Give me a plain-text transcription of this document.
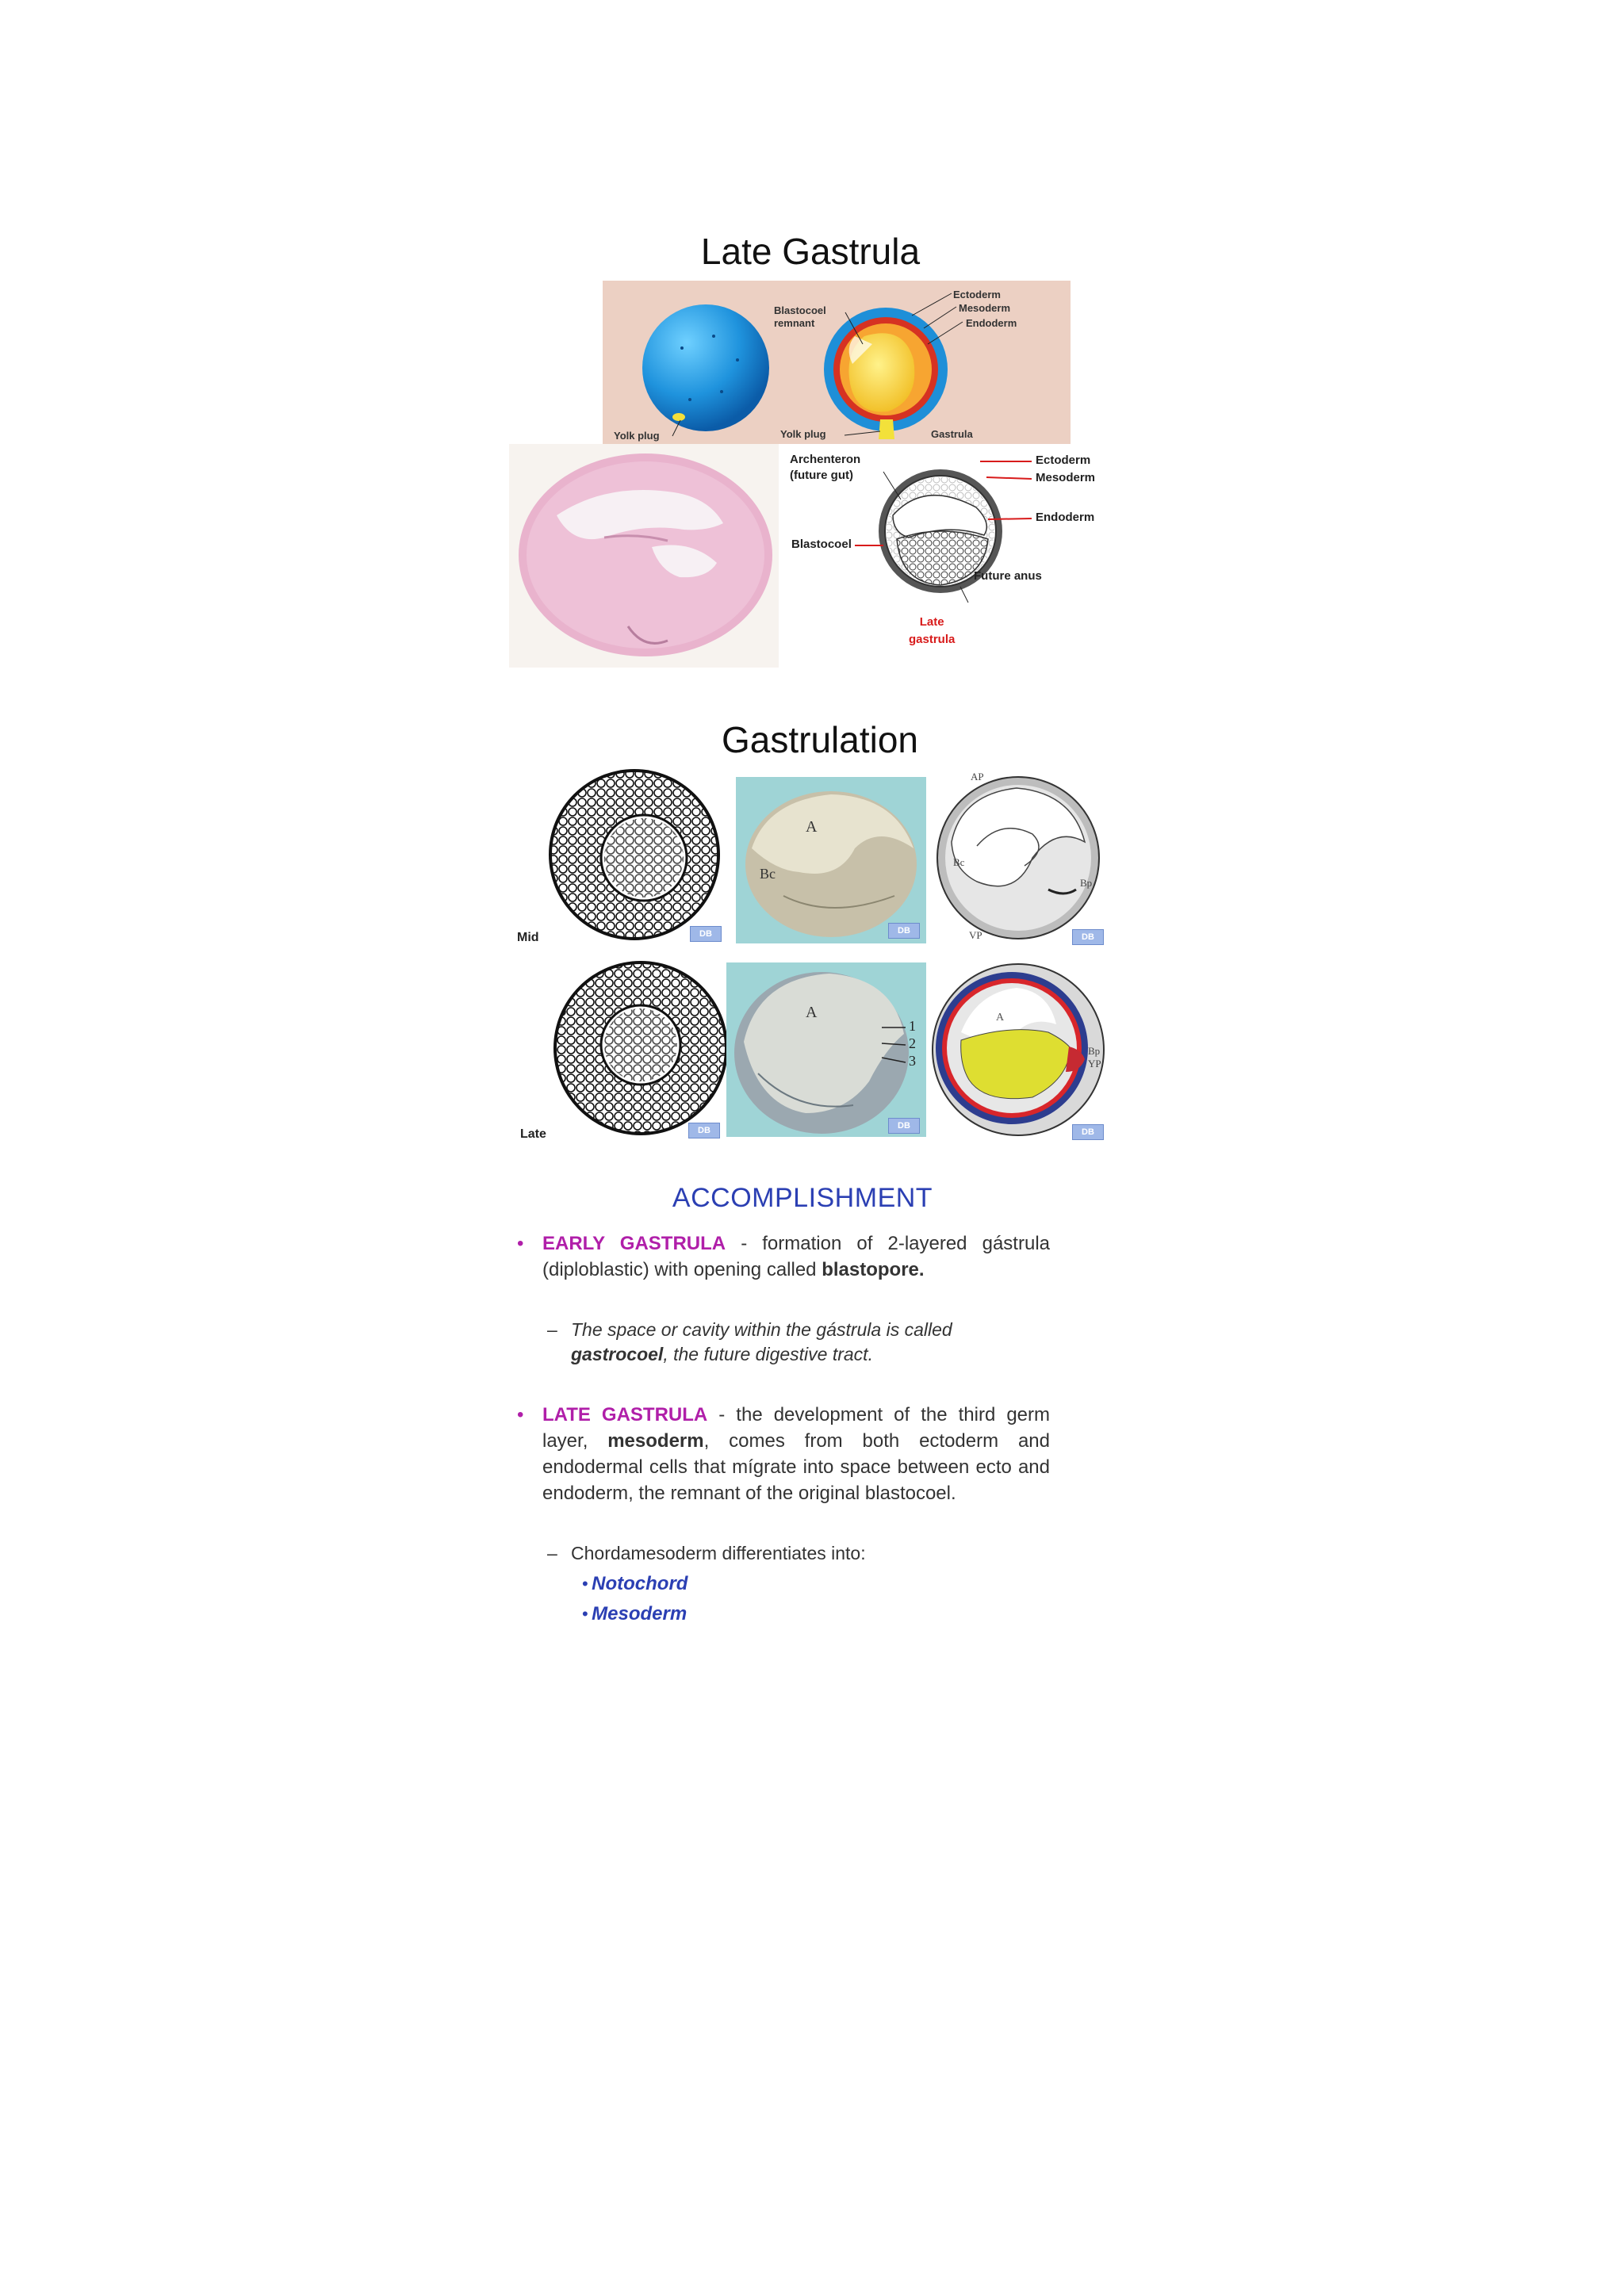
Late Gastrula
Blastocoel
remnant
Ectoderm
Mesoderm
Endoderm
Yolk plug	Yolk plug	Gastrula
Archenteron
(future gut)
Blastocoel
Ectoderm
Mesoderm
Endoderm
Future anus
Late
gastrula
Gastrulation
Mid	DB
A
Bc
DB
AP
Bc
Bp
VP	DB
Late	DB
A
1
2
3
DB
A
Bp
YP
DB
ACCOMPLISHMENT
• EARLY GASTRULA - formation of 2-layered gástrula (diploblastic) with opening called blastopore.
– The space or cavity within the gástrula is called gastrocoel, the future digestive tract.
• LATE GASTRULA - the development of the third germ layer, mesoderm, comes from both ectoderm and endodermal cells that mígrate into space between ecto and endoderm, the remnant of the original blastocoel.
– Chordamesoderm differentiates into:
• Notochord
• Mesoderm
